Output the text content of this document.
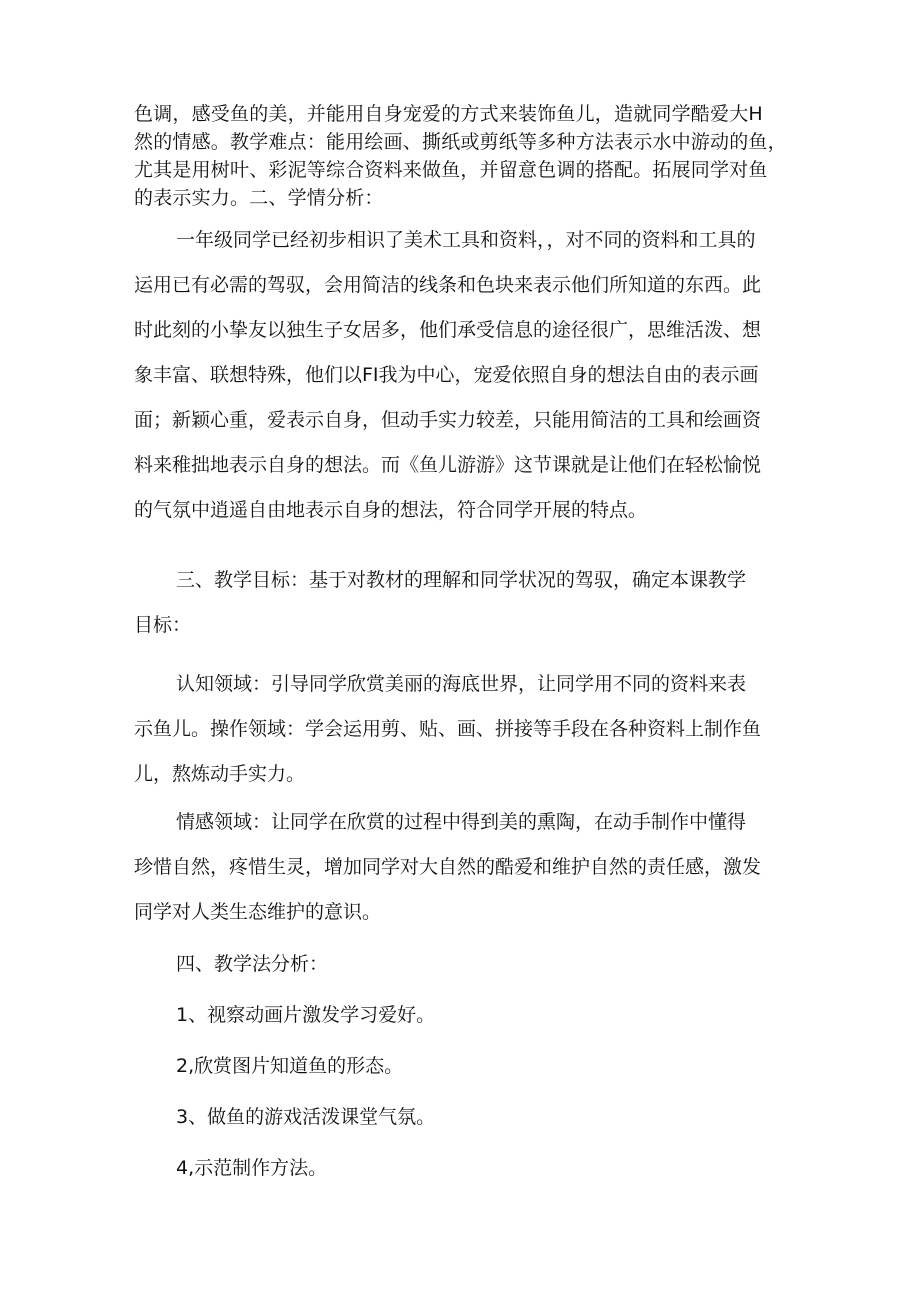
色调，感受鱼的美，并能用自身宠爱的方式来装饰鱼儿，造就同学酷爱大H
然的情感。教学难点：能用绘画、撕纸或剪纸等多种方法表示水中游动的鱼，
尤其是用树叶、彩泥等综合资料来做鱼，并留意色调的搭配。拓展同学对鱼
的表示实力。二、学情分析：
一年级同学已经初步相识了美术工具和资料，，对不同的资料和工具的
运用已有必需的驾驭，会用简洁的线条和色块来表示他们所知道的东西。此
时此刻的小挚友以独生子女居多，他们承受信息的途径很广，思维活泼、想
象丰富、联想特殊，他们以FI我为中心，宠爱依照自身的想法自由的表示画
面；新颖心重，爱表示自身，但动手实力较差，只能用简洁的工具和绘画资
料来稚拙地表示自身的想法。而《鱼儿游游》这节课就是让他们在轻松愉悦
的气氛中逍遥自由地表示自身的想法，符合同学开展的特点。
三、教学目标：基于对教材的理解和同学状况的驾驭，确定本课教学
目标：
认知领域：引导同学欣赏美丽的海底世界，让同学用不同的资料来表
示鱼儿。操作领域：学会运用剪、贴、画、拼接等手段在各种资料上制作鱼
儿，熬炼动手实力。
情感领域：让同学在欣赏的过程中得到美的熏陶，在动手制作中懂得
珍惜自然，疼惜生灵，增加同学对大自然的酷爱和维护自然的责任感，激发
同学对人类生态维护的意识。
四、教学法分析：
1、视察动画片激发学习爱好。
2,欣赏图片知道鱼的形态。
3、做鱼的游戏活泼课堂气氛。
4,示范制作方法。
